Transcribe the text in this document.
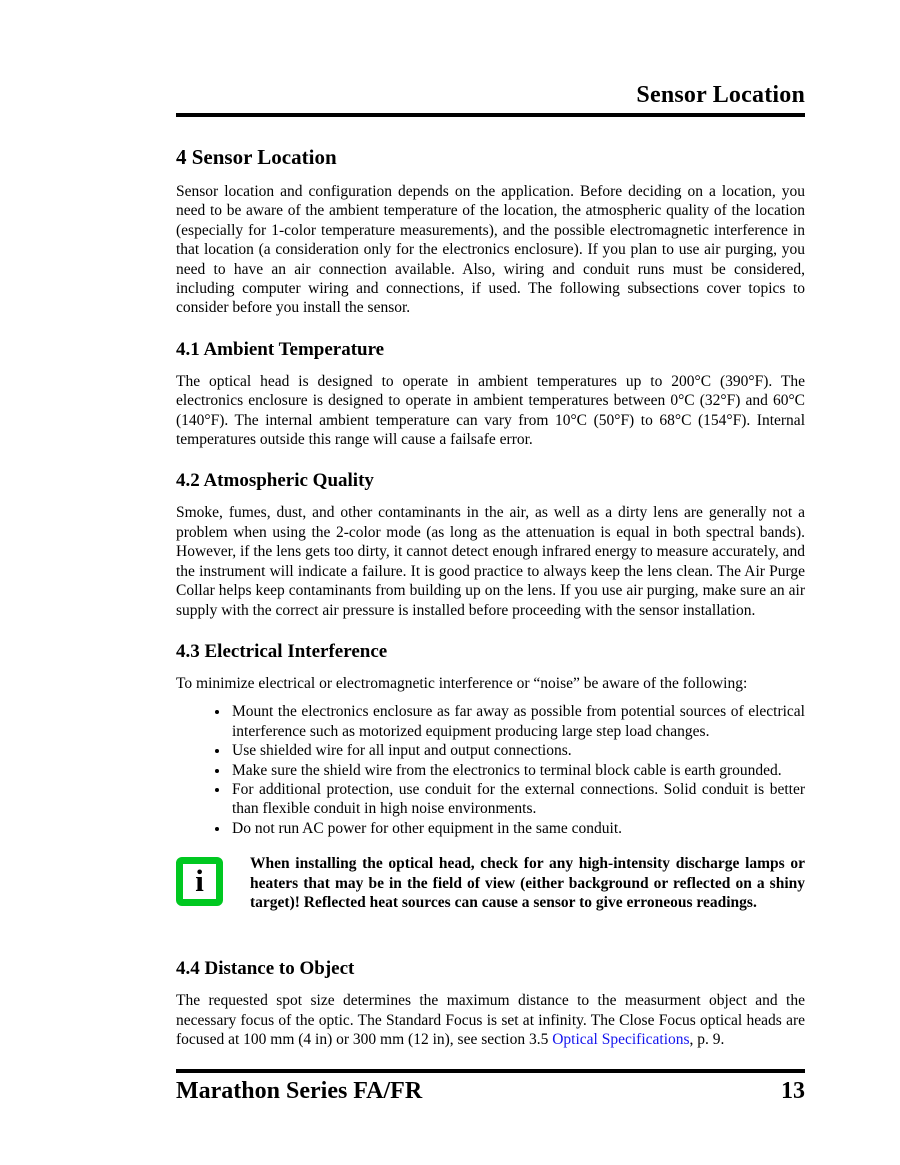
Sensor Location
4 Sensor Location

Sensor location and configuration depends on the application. Before deciding on a location, you need to be aware of the ambient temperature of the location, the atmospheric quality of the location (especially for 1-color temperature measurements), and the possible electromagnetic interference in that location (a consideration only for the electronics enclosure). If you plan to use air purging, you need to have an air connection available. Also, wiring and conduit runs must be considered, including computer wiring and connections, if used. The following subsections cover topics to consider before you install the sensor.

4.1 Ambient Temperature

The optical head is designed to operate in ambient temperatures up to 200°C (390°F). The electronics enclosure is designed to operate in ambient temperatures between 0°C (32°F) and 60°C (140°F). The internal ambient temperature can vary from 10°C (50°F) to 68°C (154°F). Internal temperatures outside this range will cause a failsafe error.

4.2 Atmospheric Quality

Smoke, fumes, dust, and other contaminants in the air, as well as a dirty lens are generally not a problem when using the 2-color mode (as long as the attenuation is equal in both spectral bands). However, if the lens gets too dirty, it cannot detect enough infrared energy to measure accurately, and the instrument will indicate a failure. It is good practice to always keep the lens clean. The Air Purge Collar helps keep contaminants from building up on the lens. If you use air purging, make sure an air supply with the correct air pressure is installed before proceeding with the sensor installation.

4.3 Electrical Interference

To minimize electrical or electromagnetic interference or “noise” be aware of the following:

• Mount the electronics enclosure as far away as possible from potential sources of electrical interference such as motorized equipment producing large step load changes.
• Use shielded wire for all input and output connections.
• Make sure the shield wire from the electronics to terminal block cable is earth grounded.
• For additional protection, use conduit for the external connections. Solid conduit is better than flexible conduit in high noise environments.
• Do not run AC power for other equipment in the same conduit.
i	When installing the optical head, check for any high-intensity discharge lamps or heaters that may be in the field of view (either background or reflected on a shiny target)! Reflected heat sources can cause a sensor to give erroneous readings.
4.4 Distance to Object

The requested spot size determines the maximum distance to the measurment object and the necessary focus of the optic. The Standard Focus is set at infinity. The Close Focus optical heads are focused at 100 mm (4 in) or 300 mm (12 in), see section 3.5 Optical Specifications, p. 9.

Marathon Series FA/FR	13
